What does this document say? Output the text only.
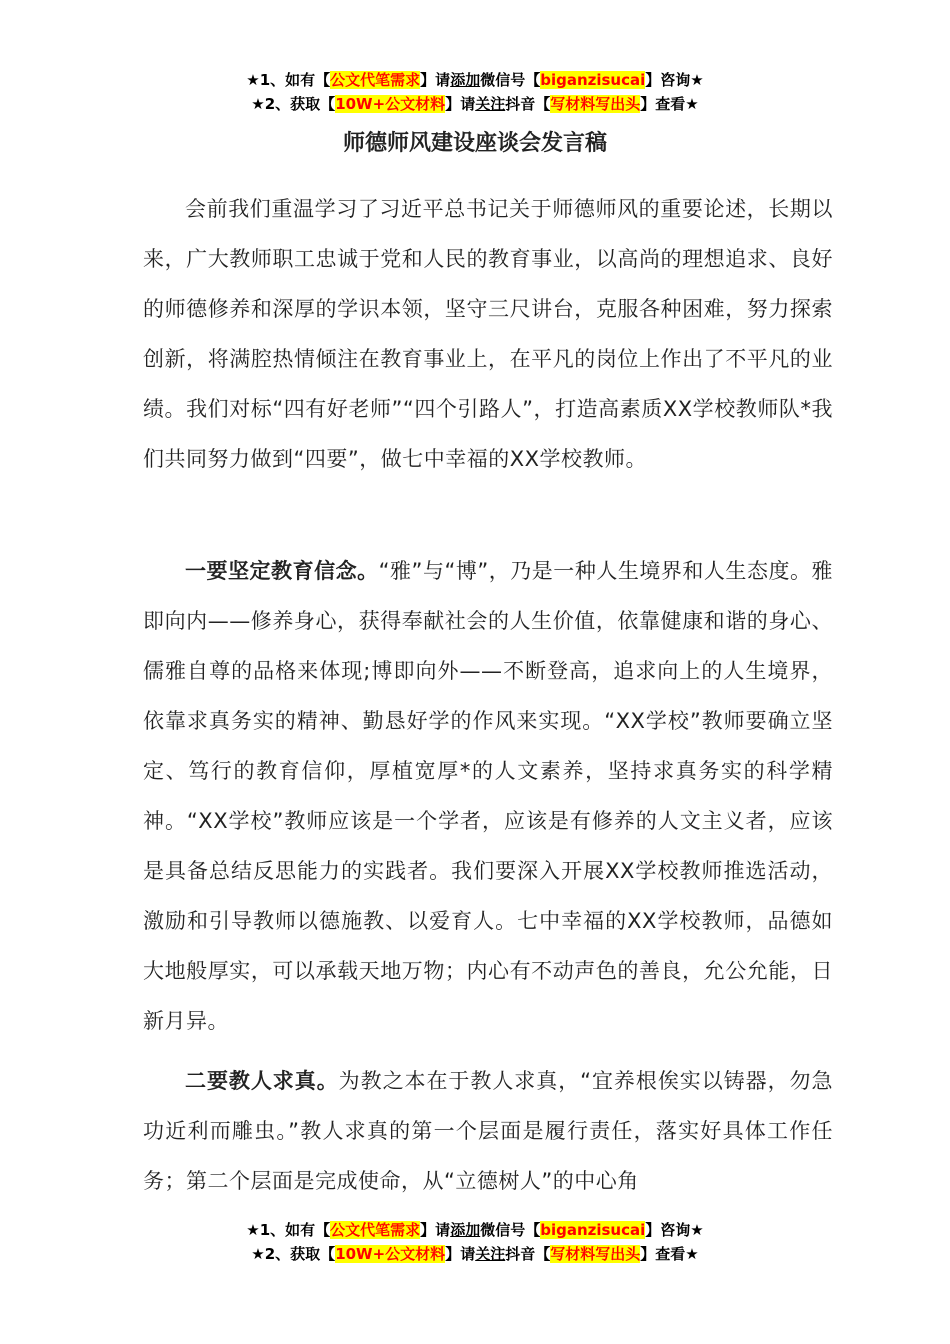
★1、如有【公文代笔需求】请添加微信号【biganzisucai】咨询★
★2、获取【10W+公文材料】请关注抖音【写材料写出头】查看★
师德师风建设座谈会发言稿

会前我们重温学习了习近平总书记关于师德师风的重要论述，长期以来，广大教师职工忠诚于党和人民的教育事业，以高尚的理想追求、良好的师德修养和深厚的学识本领，坚守三尺讲台，克服各种困难，努力探索创新，将满腔热情倾注在教育事业上，在平凡的岗位上作出了不平凡的业绩。我们对标“四有好老师”“四个引路人”，打造高素质XX学校教师队*我们共同努力做到“四要”，做七中幸福的XX学校教师。

一要坚定教育信念。“雅”与“博”，乃是一种人生境界和人生态度。雅即向内——修养身心，获得奉献社会的人生价值，依靠健康和谐的身心、儒雅自尊的品格来体现;博即向外——不断登高，追求向上的人生境界，依靠求真务实的精神、勤恳好学的作风来实现。“XX学校”教师要确立坚定、笃行的教育信仰，厚植宽厚*的人文素养，坚持求真务实的科学精神。“XX学校”教师应该是一个学者，应该是有修养的人文主义者，应该是具备总结反思能力的实践者。我们要深入开展XX学校教师推选活动，激励和引导教师以德施教、以爱育人。七中幸福的XX学校教师，品德如大地般厚实，可以承载天地万物；内心有不动声色的善良，允公允能，日新月异。

二要教人求真。为教之本在于教人求真，“宜养根俟实以铸器，勿急功近利而雕虫。”教人求真的第一个层面是履行责任，落实好具体工作任务；第二个层面是完成使命，从“立德树人”的中心角

★1、如有【公文代笔需求】请添加微信号【biganzisucai】咨询★
★2、获取【10W+公文材料】请关注抖音【写材料写出头】查看★
